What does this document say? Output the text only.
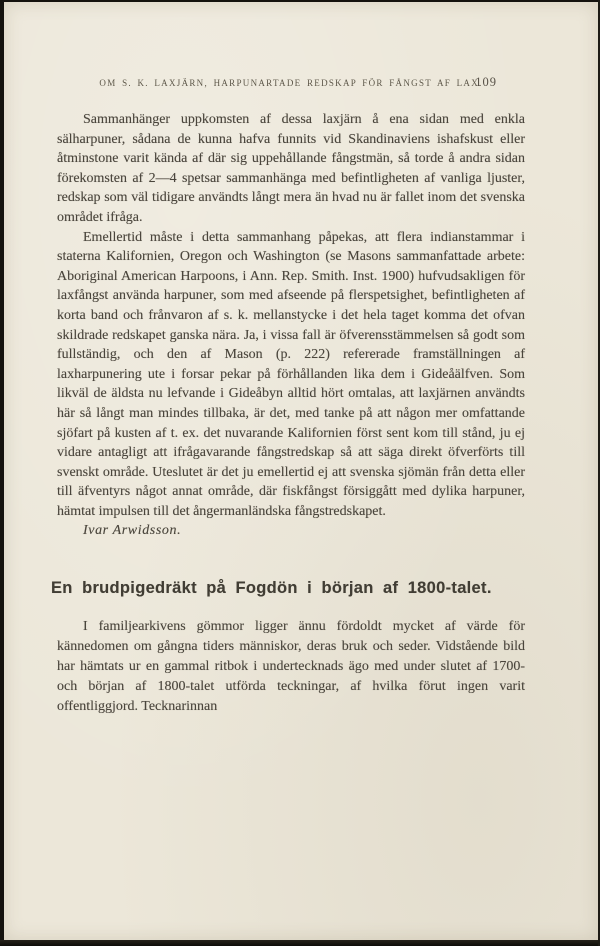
OM S. K. LAXJÄRN, HARPUNARTADE REDSKAP FÖR FÅNGST AF LAX.
109

Sammanhänger uppkomsten af dessa laxjärn å ena sidan med enkla sälharpuner, sådana de kunna hafva funnits vid Skandinaviens ishafskust eller åtminstone varit kända af där sig uppehållande fångstmän, så torde å andra sidan förekomsten af 2—4 spetsar sammanhänga med befintligheten af vanliga ljuster, redskap som väl tidigare användts långt mera än hvad nu är fallet inom det svenska området ifråga.

Emellertid måste i detta sammanhang påpekas, att flera indianstammar i staterna Kalifornien, Oregon och Washington (se Masons sammanfattade arbete: Aboriginal American Harpoons, i Ann. Rep. Smith. Inst. 1900) hufvudsakligen för laxfångst använda harpuner, som med afseende på flerspetsighet, befintligheten af korta band och frånvaron af s. k. mellanstycke i det hela taget komma det ofvan skildrade redskapet ganska nära. Ja, i vissa fall är öfverensstämmelsen så godt som fullständig, och den af Mason (p. 222) refererade framställningen af laxharpunering ute i forsar pekar på förhållanden lika dem i Gideåälfven. Som likväl de äldsta nu lefvande i Gideåbyn alltid hört omtalas, att laxjärnen användts här så långt man mindes tillbaka, är det, med tanke på att någon mer omfattande sjöfart på kusten af t. ex. det nuvarande Kalifornien först sent kom till stånd, ju ej vidare antagligt att ifrågavarande fångstredskap så att säga direkt öfverförts till svenskt område. Uteslutet är det ju emellertid ej att svenska sjömän från detta eller till äfventyrs något annat område, där fiskfångst försiggått med dylika harpuner, hämtat impulsen till det ångermanländska fångstredskapet.

Ivar Arwidsson.

En brudpigedräkt på Fogdön i början af 1800-talet.

I familjearkivens gömmor ligger ännu fördoldt mycket af värde för kännedomen om gångna tiders människor, deras bruk och seder. Vidstående bild har hämtats ur en gammal ritbok i undertecknads ägo med under slutet af 1700- och början af 1800-talet utförda teckningar, af hvilka förut ingen varit offentliggjord. Tecknarinnan
